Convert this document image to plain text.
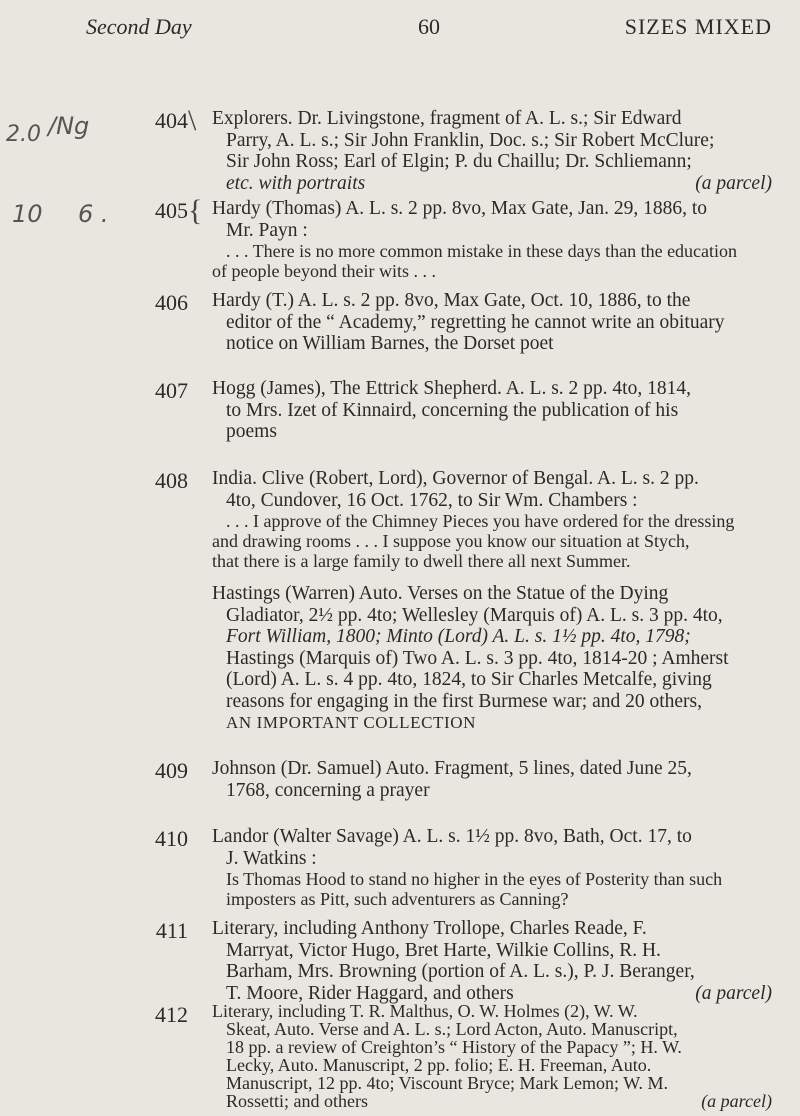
Second Day	60	SIZES MIXED
2.0 /Ng
10 6 .
\
{
404 Explorers. Dr. Livingstone, fragment of A. L. s.; Sir Edward
Parry, A. L. s.; Sir John Franklin, Doc. s.; Sir Robert McClure;
Sir John Ross; Earl of Elgin; P. du Chaillu; Dr. Schliemann;
etc. with portraits	(a parcel)
405 Hardy (Thomas) A. L. s. 2 pp. 8vo, Max Gate, Jan. 29, 1886, to
Mr. Payn :
. . . There is no more common mistake in these days than the education
of people beyond their wits . . .
406 Hardy (T.) A. L. s. 2 pp. 8vo, Max Gate, Oct. 10, 1886, to the
editor of the “ Academy,” regretting he cannot write an obituary
notice on William Barnes, the Dorset poet
407 Hogg (James), The Ettrick Shepherd. A. L. s. 2 pp. 4to, 1814,
to Mrs. Izet of Kinnaird, concerning the publication of his
poems
408 India. Clive (Robert, Lord), Governor of Bengal. A. L. s. 2 pp.
4to, Cundover, 16 Oct. 1762, to Sir Wm. Chambers :
. . . I approve of the Chimney Pieces you have ordered for the dressing
and drawing rooms . . . I suppose you know our situation at Stych,
that there is a large family to dwell there all next Summer.
Hastings (Warren) Auto. Verses on the Statue of the Dying
Gladiator, 2½ pp. 4to; Wellesley (Marquis of) A. L. s. 3 pp. 4to,
Fort William, 1800; Minto (Lord) A. L. s. 1½ pp. 4to, 1798;
Hastings (Marquis of) Two A. L. s. 3 pp. 4to, 1814-20 ; Amherst
(Lord) A. L. s. 4 pp. 4to, 1824, to Sir Charles Metcalfe, giving
reasons for engaging in the first Burmese war; and 20 others,
AN IMPORTANT COLLECTION
409 Johnson (Dr. Samuel) Auto. Fragment, 5 lines, dated June 25,
1768, concerning a prayer
410 Landor (Walter Savage) A. L. s. 1½ pp. 8vo, Bath, Oct. 17, to
J. Watkins :
Is Thomas Hood to stand no higher in the eyes of Posterity than such
imposters as Pitt, such adventurers as Canning?
411 Literary, including Anthony Trollope, Charles Reade, F.
Marryat, Victor Hugo, Bret Harte, Wilkie Collins, R. H.
Barham, Mrs. Browning (portion of A. L. s.), P. J. Beranger,
T. Moore, Rider Haggard, and others	(a parcel)
412 Literary, including T. R. Malthus, O. W. Holmes (2), W. W.
Skeat, Auto. Verse and A. L. s.; Lord Acton, Auto. Manuscript,
18 pp. a review of Creighton’s “ History of the Papacy ”; H. W.
Lecky, Auto. Manuscript, 2 pp. folio; E. H. Freeman, Auto.
Manuscript, 12 pp. 4to; Viscount Bryce; Mark Lemon; W. M.
Rossetti; and others	(a parcel)
